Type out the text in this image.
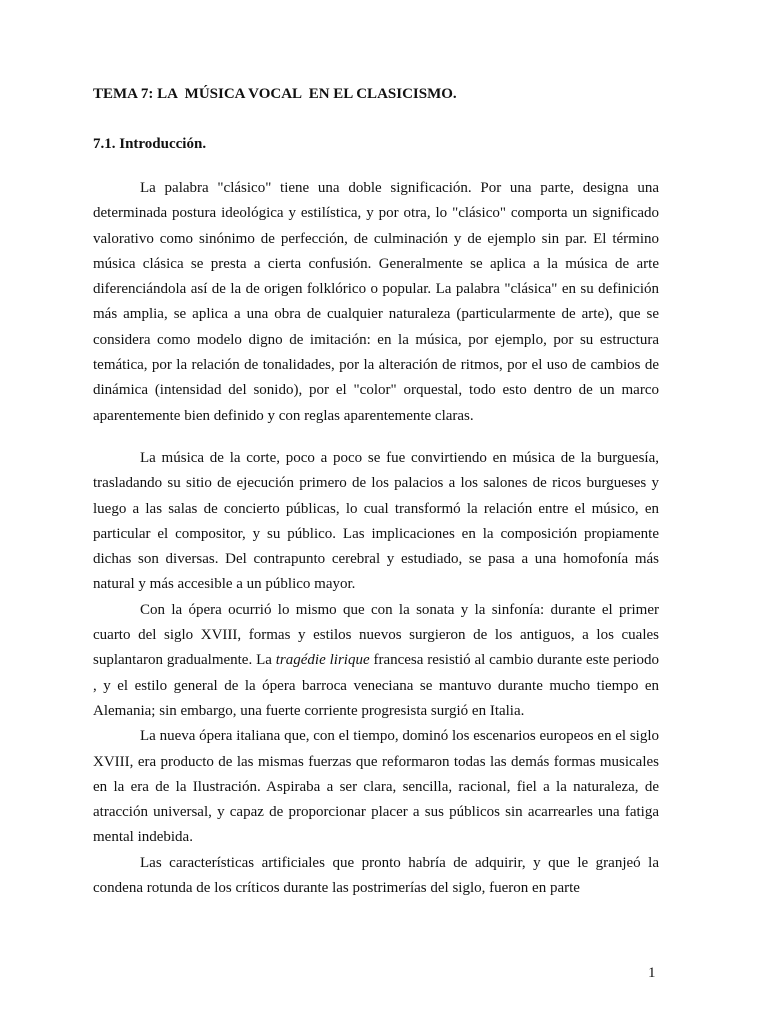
TEMA 7: LA  MÚSICA VOCAL  EN EL CLASICISMO.
7.1. Introducción.

La palabra "clásico" tiene una doble significación. Por una parte, designa una determinada postura ideológica y estilística, y por otra, lo "clásico" comporta un significado valorativo como sinónimo de perfección, de culminación y de ejemplo sin par. El término música clásica se presta a cierta confusión. Generalmente se aplica a la música de arte diferenciándola así de la de origen folklórico o popular. La palabra "clásica" en su definición más amplia, se aplica a una obra de cualquier naturaleza (particularmente de arte), que se considera como modelo digno de imitación: en la música, por ejemplo, por su estructura temática, por la relación de tonalidades, por la alteración de ritmos, por el uso de cambios de dinámica (intensidad del sonido), por el "color" orquestal, todo esto dentro de un marco aparentemente bien definido y con reglas aparentemente claras.

La música de la corte, poco a poco se fue convirtiendo en música de la burguesía, trasladando su sitio de ejecución primero de los palacios a los salones de ricos burgueses y luego a las salas de concierto públicas, lo cual transformó la relación entre el músico, en particular el compositor, y su público. Las implicaciones en la composición propiamente dichas son diversas. Del contrapunto cerebral y estudiado, se pasa a una homofonía más natural y más accesible a un público mayor.

Con la ópera ocurrió lo mismo que con la sonata y la sinfonía: durante el primer cuarto del siglo XVIII, formas y estilos nuevos surgieron de los antiguos, a los cuales suplantaron gradualmente. La tragédie lirique francesa resistió al cambio durante este periodo , y el estilo general de la ópera barroca veneciana se mantuvo durante mucho tiempo en Alemania; sin embargo, una fuerte corriente progresista surgió en Italia.

La nueva ópera italiana que, con el tiempo, dominó los escenarios europeos en el siglo XVIII, era producto de las mismas fuerzas que reformaron todas las demás formas musicales en la era de la Ilustración. Aspiraba a ser clara, sencilla, racional, fiel a la naturaleza, de atracción universal, y capaz de proporcionar placer a sus públicos sin acarrearles una fatiga mental indebida.

Las características artificiales que pronto habría de adquirir, y que le granjeó la condena rotunda de los críticos durante las postrimerías del siglo, fueron en parte

1
